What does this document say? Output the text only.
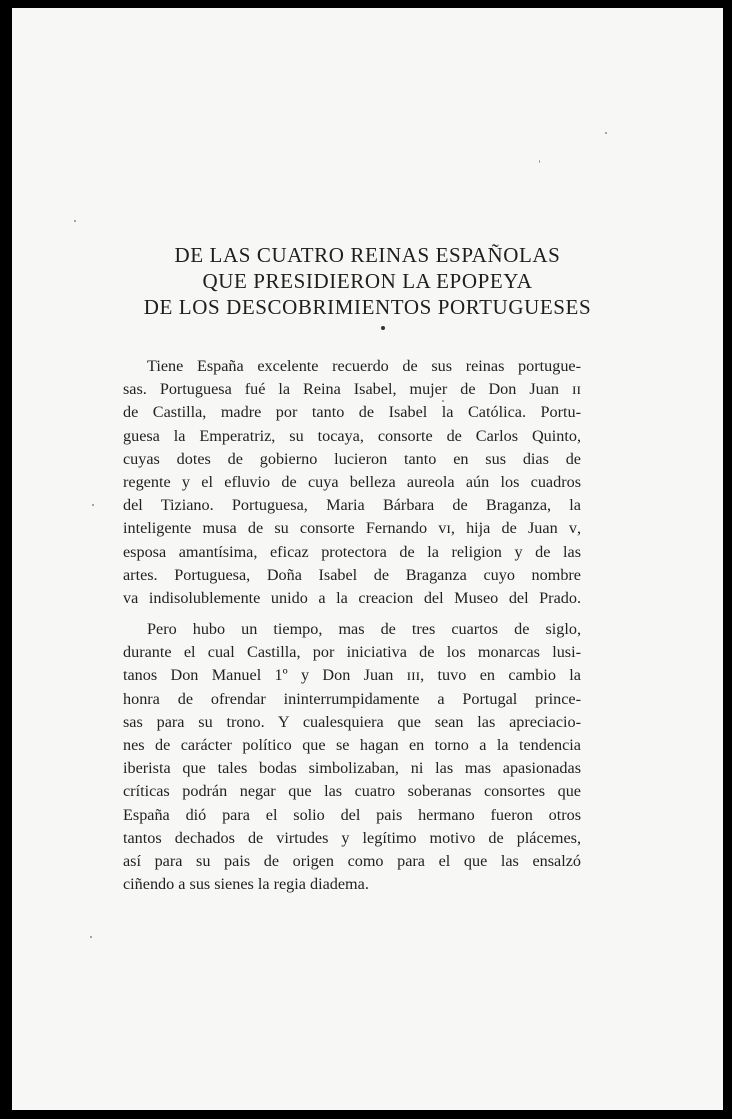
DE LAS CUATRO REINAS ESPAÑOLAS
QUE PRESIDIERON LA EPOPEYA
DE LOS DESCOBRIMIENTOS PORTUGUESES
Tiene España excelente recuerdo de sus reinas portugue-
sas. Portuguesa fué la Reina Isabel, mujer de Don Juan ɪɪ
de Castilla, madre por tanto de Isabel la Católica. Portu-
guesa la Emperatriz, su tocaya, consorte de Carlos Quinto,
cuyas dotes de gobierno lucieron tanto en sus dias de
regente y el efluvio de cuya belleza aureola aún los cuadros
del Tiziano. Portuguesa, Maria Bárbara de Braganza, la
inteligente musa de su consorte Fernando ᴠɪ, hija de Juan ᴠ,
esposa amantísima, eficaz protectora de la religion y de las
artes. Portuguesa, Doña Isabel de Braganza cuyo nombre
va indisolublemente unido a la creacion del Museo del Prado.
Pero hubo un tiempo, mas de tres cuartos de siglo,
durante el cual Castilla, por iniciativa de los monarcas lusi-
tanos Don Manuel 1º y Don Juan ɪɪɪ, tuvo en cambio la
honra de ofrendar ininterrumpidamente a Portugal prince-
sas para su trono. Y cualesquiera que sean las apreciacio-
nes de carácter político que se hagan en torno a la tendencia
iberista que tales bodas simbolizaban, ni las mas apasionadas
críticas podrán negar que las cuatro soberanas consortes que
España dió para el solio del pais hermano fueron otros
tantos dechados de virtudes y legítimo motivo de plácemes,
así para su pais de origen como para el que las ensalzó
ciñendo a sus sienes la regia diadema.
